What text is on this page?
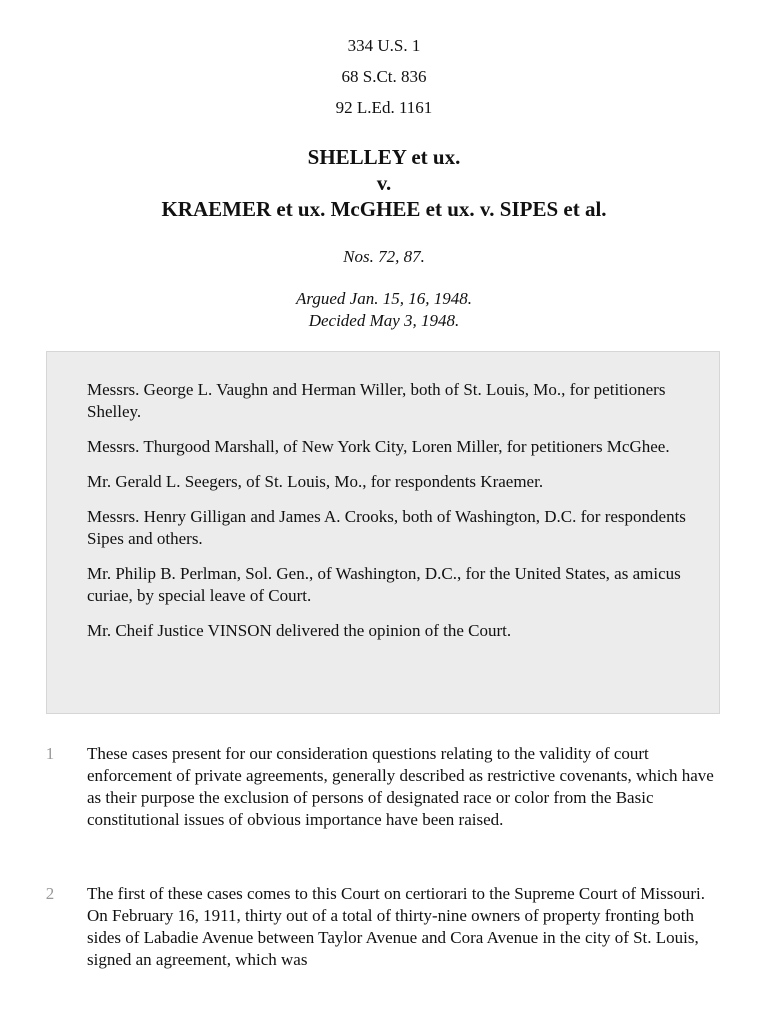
334 U.S. 1
68 S.Ct. 836
92 L.Ed. 1161
SHELLEY et ux.
v.
KRAEMER et ux. McGHEE et ux. v. SIPES et al.
Nos. 72, 87.
Argued Jan. 15, 16, 1948.
Decided May 3, 1948.

Messrs. George L. Vaughn and Herman Willer, both of St. Louis, Mo., for petitioners Shelley.

Messrs. Thurgood Marshall, of New York City, Loren Miller, for petitioners McGhee.

Mr. Gerald L. Seegers, of St. Louis, Mo., for respondents Kraemer.

Messrs. Henry Gilligan and James A. Crooks, both of Washington, D.C. for respondents Sipes and others.

Mr. Philip B. Perlman, Sol. Gen., of Washington, D.C., for the United States, as amicus curiae, by special leave of Court.

Mr. Cheif Justice VINSON delivered the opinion of the Court.

1	These cases present for our consideration questions relating to the validity of court enforcement of private agreements, generally described as restrictive covenants, which have as their purpose the exclusion of persons of designated race or color from the Basic constitutional issues of obvious importance have been raised.
2	The first of these cases comes to this Court on certiorari to the Supreme Court of Missouri. On February 16, 1911, thirty out of a total of thirty-nine owners of property fronting both sides of Labadie Avenue between Taylor Avenue and Cora Avenue in the city of St. Louis, signed an agreement, which was
